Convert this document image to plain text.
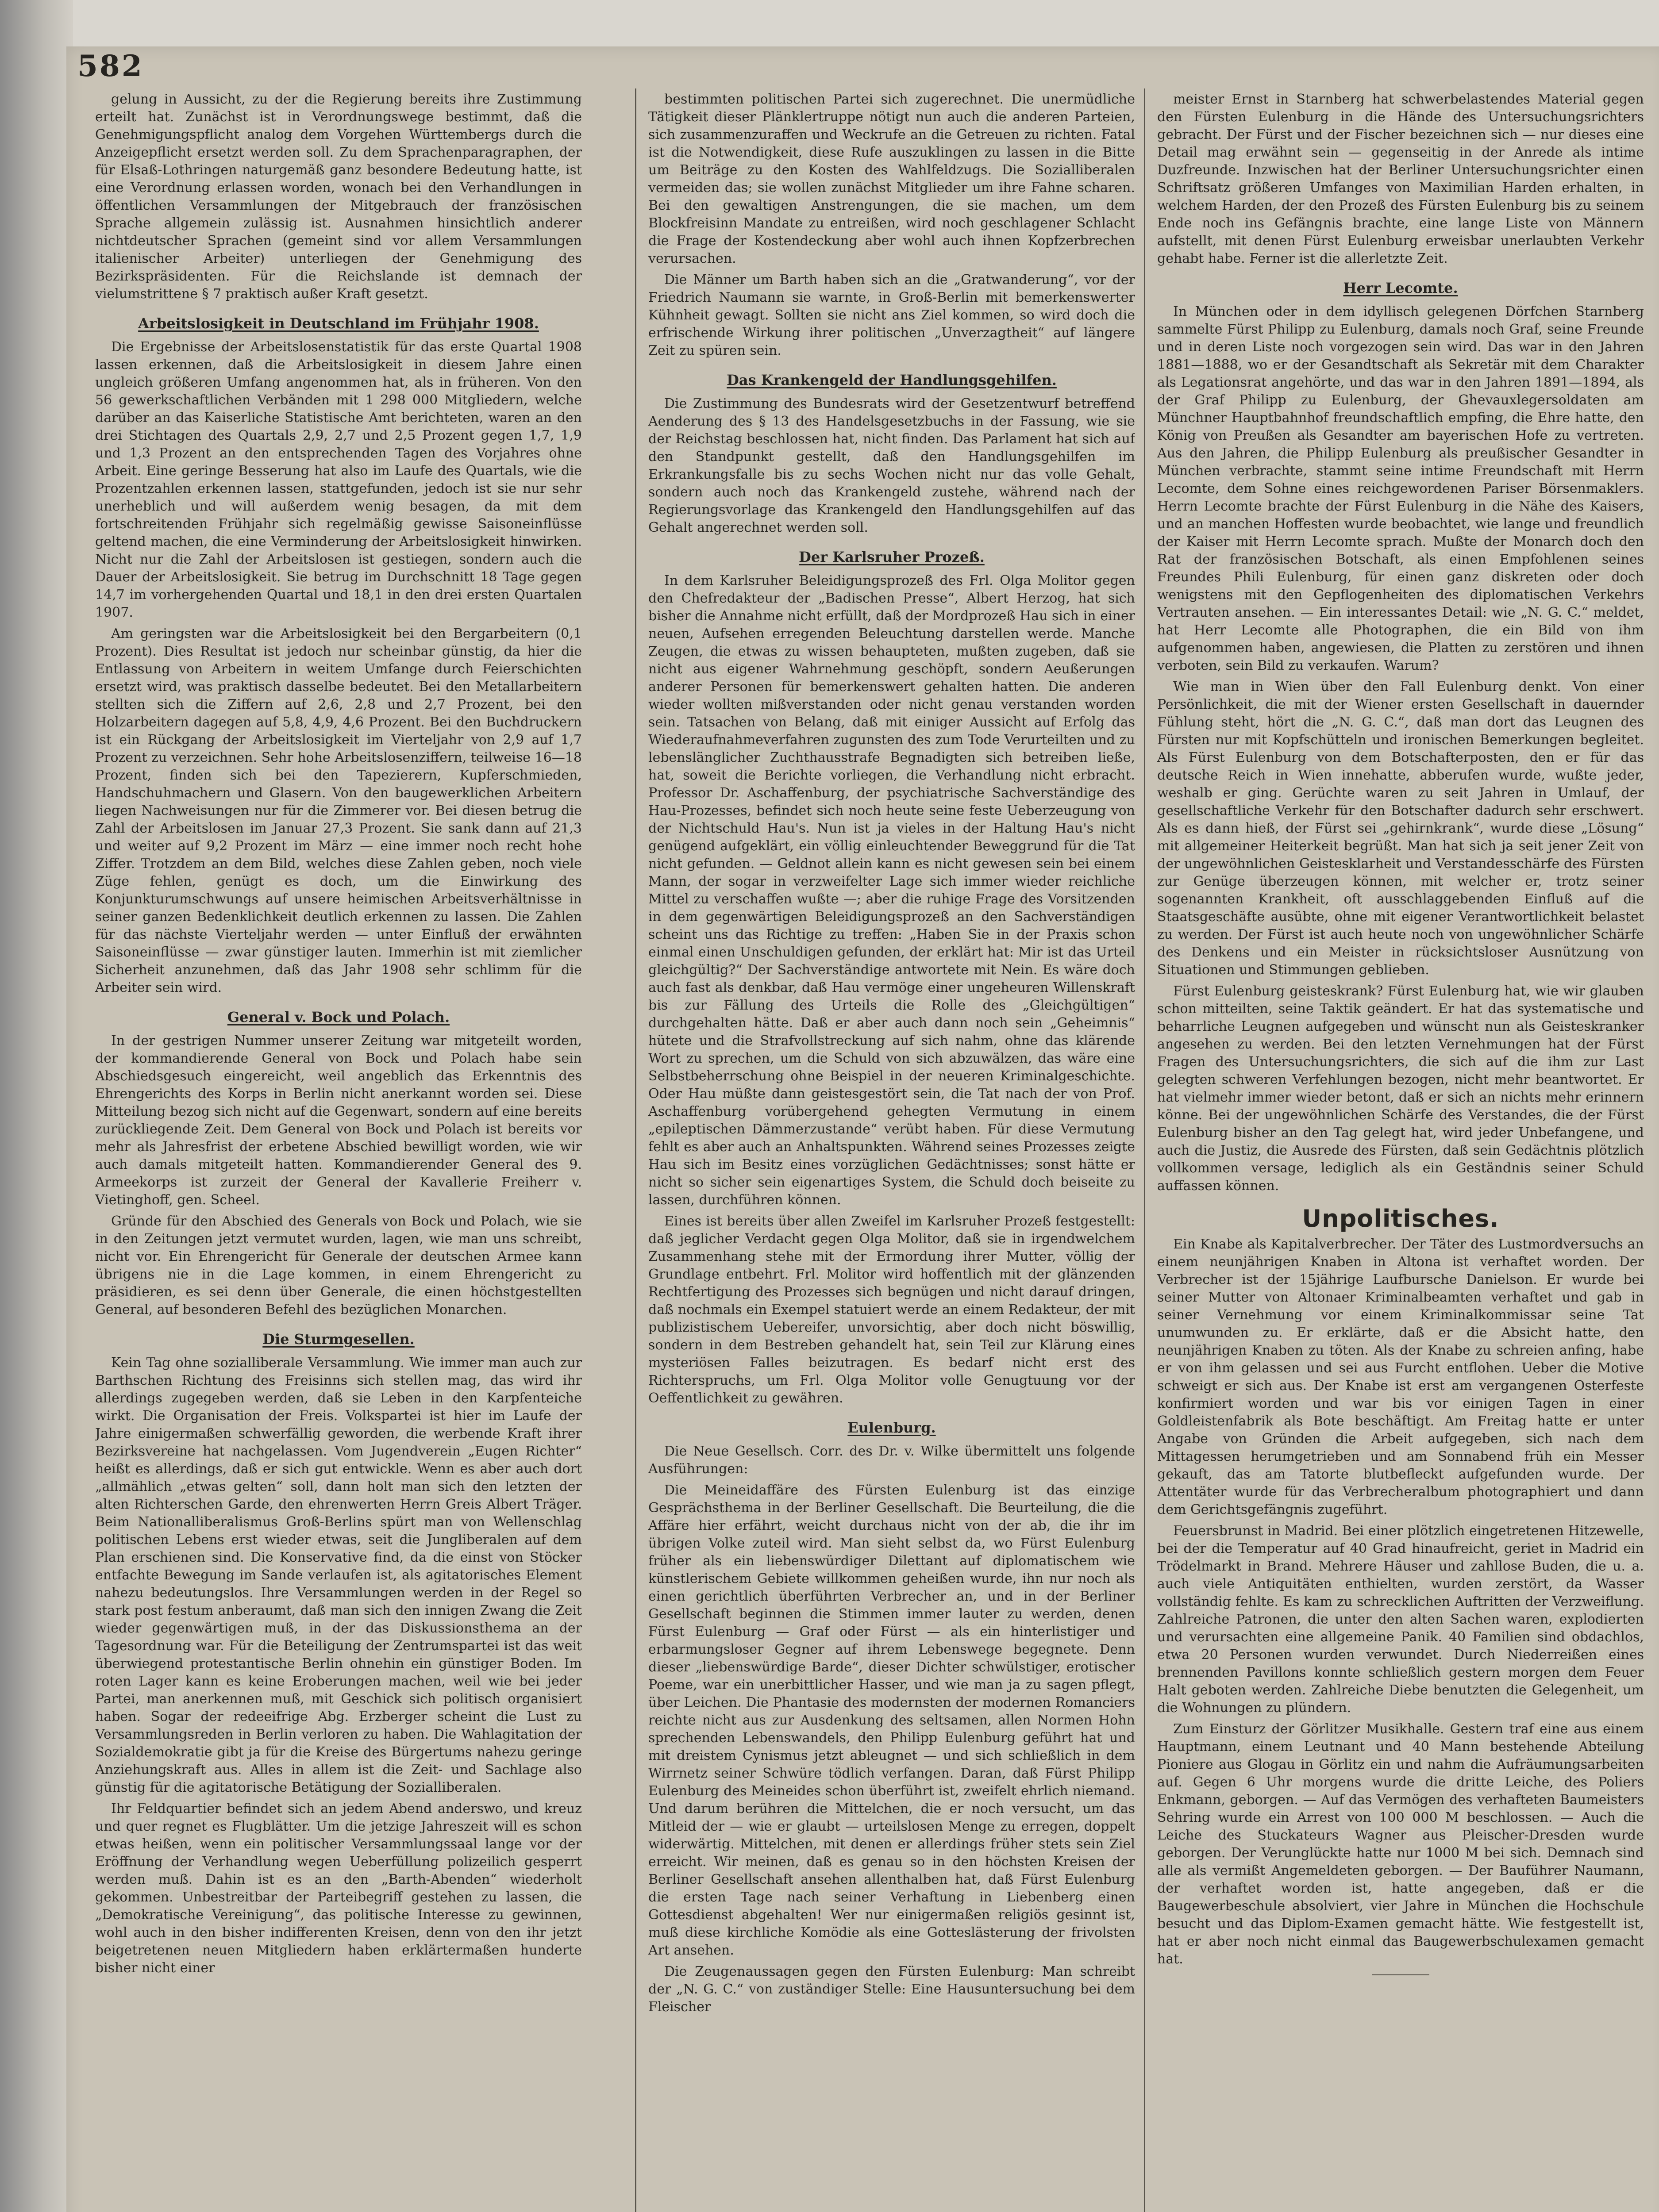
582

gelung in Aussicht, zu der die Regierung bereits ihre Zustimmung erteilt hat. Zunächst ist in Verordnungswege bestimmt, daß die Genehmigungspflicht analog dem Vorgehen Württembergs durch die Anzeigepflicht ersetzt werden soll. Zu dem Sprachenparagraphen, der für Elsaß-Lothringen naturgemäß ganz besondere Bedeutung hatte, ist eine Verordnung erlassen worden, wonach bei den Verhandlungen in öffentlichen Versammlungen der Mitgebrauch der französischen Sprache allgemein zulässig ist. Ausnahmen hinsichtlich anderer nichtdeutscher Sprachen (gemeint sind vor allem Versammlungen italienischer Arbeiter) unterliegen der Genehmigung des Bezirkspräsidenten. Für die Reichslande ist demnach der vielumstrittene § 7 praktisch außer Kraft gesetzt.

Arbeitslosigkeit in Deutschland im Frühjahr 1908.

Die Ergebnisse der Arbeitslosenstatistik für das erste Quartal 1908 lassen erkennen, daß die Arbeitslosigkeit in diesem Jahre einen ungleich größeren Umfang angenommen hat, als in früheren. Von den 56 gewerkschaftlichen Verbänden mit 1 298 000 Mitgliedern, welche darüber an das Kaiserliche Statistische Amt berichteten, waren an den drei Stichtagen des Quartals 2,9, 2,7 und 2,5 Prozent gegen 1,7, 1,9 und 1,3 Prozent an den entsprechenden Tagen des Vorjahres ohne Arbeit. Eine geringe Besserung hat also im Laufe des Quartals, wie die Prozentzahlen erkennen lassen, stattgefunden, jedoch ist sie nur sehr unerheblich und will außerdem wenig besagen, da mit dem fortschreitenden Frühjahr sich regelmäßig gewisse Saisoneinflüsse geltend machen, die eine Verminderung der Arbeitslosigkeit hinwirken. Nicht nur die Zahl der Arbeitslosen ist gestiegen, sondern auch die Dauer der Arbeitslosigkeit. Sie betrug im Durchschnitt 18 Tage gegen 14,7 im vorhergehenden Quartal und 18,1 in den drei ersten Quartalen 1907.

Am geringsten war die Arbeitslosigkeit bei den Bergarbeitern (0,1 Prozent). Dies Resultat ist jedoch nur scheinbar günstig, da hier die Entlassung von Arbeitern in weitem Umfange durch Feierschichten ersetzt wird, was praktisch dasselbe bedeutet. Bei den Metallarbeitern stellten sich die Ziffern auf 2,6, 2,8 und 2,7 Prozent, bei den Holzarbeitern dagegen auf 5,8, 4,9, 4,6 Prozent. Bei den Buchdruckern ist ein Rückgang der Arbeitslosigkeit im Vierteljahr von 2,9 auf 1,7 Prozent zu verzeichnen. Sehr hohe Arbeitslosenziffern, teilweise 16—18 Prozent, finden sich bei den Tapezierern, Kupferschmieden, Handschuhmachern und Glasern. Von den baugewerklichen Arbeitern liegen Nachweisungen nur für die Zimmerer vor. Bei diesen betrug die Zahl der Arbeitslosen im Januar 27,3 Prozent. Sie sank dann auf 21,3 und weiter auf 9,2 Prozent im März — eine immer noch recht hohe Ziffer. Trotzdem an dem Bild, welches diese Zahlen geben, noch viele Züge fehlen, genügt es doch, um die Einwirkung des Konjunkturumschwungs auf unsere heimischen Arbeitsverhältnisse in seiner ganzen Bedenklichkeit deutlich erkennen zu lassen. Die Zahlen für das nächste Vierteljahr werden — unter Einfluß der erwähnten Saisoneinflüsse — zwar günstiger lauten. Immerhin ist mit ziemlicher Sicherheit anzunehmen, daß das Jahr 1908 sehr schlimm für die Arbeiter sein wird.

General v. Bock und Polach.

In der gestrigen Nummer unserer Zeitung war mitgeteilt worden, der kommandierende General von Bock und Polach habe sein Abschiedsgesuch eingereicht, weil angeblich das Erkenntnis des Ehrengerichts des Korps in Berlin nicht anerkannt worden sei. Diese Mitteilung bezog sich nicht auf die Gegenwart, sondern auf eine bereits zurückliegende Zeit. Dem General von Bock und Polach ist bereits vor mehr als Jahresfrist der erbetene Abschied bewilligt worden, wie wir auch damals mitgeteilt hatten. Kommandierender General des 9. Armeekorps ist zurzeit der General der Kavallerie Freiherr v. Vietinghoff, gen. Scheel.

Gründe für den Abschied des Generals von Bock und Polach, wie sie in den Zeitungen jetzt vermutet wurden, lagen, wie man uns schreibt, nicht vor. Ein Ehrengericht für Generale der deutschen Armee kann übrigens nie in die Lage kommen, in einem Ehrengericht zu präsidieren, es sei denn über Generale, die einen höchstgestellten General, auf besonderen Befehl des bezüglichen Monarchen.

Die Sturmgesellen.

Kein Tag ohne sozialliberale Versammlung. Wie immer man auch zur Barthschen Richtung des Freisinns sich stellen mag, das wird ihr allerdings zugegeben werden, daß sie Leben in den Karpfenteiche wirkt. Die Organisation der Freis. Volkspartei ist hier im Laufe der Jahre einigermaßen schwerfällig geworden, die werbende Kraft ihrer Bezirksvereine hat nachgelassen. Vom Jugendverein „Eugen Richter“ heißt es allerdings, daß er sich gut entwickle. Wenn es aber auch dort „allmählich „etwas gelten“ soll, dann holt man sich den letzten der alten Richterschen Garde, den ehrenwerten Herrn Greis Albert Träger. Beim Nationalliberalismus Groß-Berlins spürt man von Wellenschlag politischen Lebens erst wieder etwas, seit die Jungliberalen auf dem Plan erschienen sind. Die Konservative find, da die einst von Stöcker entfachte Bewegung im Sande verlaufen ist, als agitatorisches Element nahezu bedeutungslos. Ihre Versammlungen werden in der Regel so stark post festum anberaumt, daß man sich den innigen Zwang die Zeit wieder gegenwärtigen muß, in der das Diskussionsthema an der Tagesordnung war. Für die Beteiligung der Zentrumspartei ist das weit überwiegend protestantische Berlin ohnehin ein günstiger Boden. Im roten Lager kann es keine Eroberungen machen, weil wie bei jeder Partei, man anerkennen muß, mit Geschick sich politisch organisiert haben. Sogar der redeeifrige Abg. Erzberger scheint die Lust zu Versammlungsreden in Berlin verloren zu haben. Die Wahlagitation der Sozialdemokratie gibt ja für die Kreise des Bürgertums nahezu geringe Anziehungskraft aus. Alles in allem ist die Zeit- und Sachlage also günstig für die agitatorische Betätigung der Sozialliberalen.

Ihr Feldquartier befindet sich an jedem Abend anderswo, und kreuz und quer regnet es Flugblätter. Um die jetzige Jahreszeit will es schon etwas heißen, wenn ein politischer Versammlungssaal lange vor der Eröffnung der Verhandlung wegen Ueberfüllung polizeilich gesperrt werden muß. Dahin ist es an den „Barth-Abenden“ wiederholt gekommen. Unbestreitbar der Parteibegriff gestehen zu lassen, die „Demokratische Vereinigung“, das politische Interesse zu gewinnen, wohl auch in den bisher indifferenten Kreisen, denn von den ihr jetzt beigetretenen neuen Mitgliedern haben erklärtermaßen hunderte bisher nicht einer

bestimmten politischen Partei sich zugerechnet. Die unermüdliche Tätigkeit dieser Plänklertruppe nötigt nun auch die anderen Parteien, sich zusammenzuraffen und Weckrufe an die Getreuen zu richten. Fatal ist die Notwendigkeit, diese Rufe auszuklingen zu lassen in die Bitte um Beiträge zu den Kosten des Wahlfeldzugs. Die Sozialliberalen vermeiden das; sie wollen zunächst Mitglieder um ihre Fahne scharen. Bei den gewaltigen Anstrengungen, die sie machen, um dem Blockfreisinn Mandate zu entreißen, wird noch geschlagener Schlacht die Frage der Kostendeckung aber wohl auch ihnen Kopfzerbrechen verursachen.

Die Männer um Barth haben sich an die „Gratwanderung“, vor der Friedrich Naumann sie warnte, in Groß-Berlin mit bemerkenswerter Kühnheit gewagt. Sollten sie nicht ans Ziel kommen, so wird doch die erfrischende Wirkung ihrer politischen „Unverzagtheit“ auf längere Zeit zu spüren sein.

Das Krankengeld der Handlungsgehilfen.

Die Zustimmung des Bundesrats wird der Gesetzentwurf betreffend Aenderung des § 13 des Handelsgesetzbuchs in der Fassung, wie sie der Reichstag beschlossen hat, nicht finden. Das Parlament hat sich auf den Standpunkt gestellt, daß den Handlungsgehilfen im Erkrankungsfalle bis zu sechs Wochen nicht nur das volle Gehalt, sondern auch noch das Krankengeld zustehe, während nach der Regierungsvorlage das Krankengeld den Handlungsgehilfen auf das Gehalt angerechnet werden soll.

Der Karlsruher Prozeß.

In dem Karlsruher Beleidigungsprozeß des Frl. Olga Molitor gegen den Chefredakteur der „Badischen Presse“, Albert Herzog, hat sich bisher die Annahme nicht erfüllt, daß der Mordprozeß Hau sich in einer neuen, Aufsehen erregenden Beleuchtung darstellen werde. Manche Zeugen, die etwas zu wissen behaupteten, mußten zugeben, daß sie nicht aus eigener Wahrnehmung geschöpft, sondern Aeußerungen anderer Personen für bemerkenswert gehalten hatten. Die anderen wieder wollten mißverstanden oder nicht genau verstanden worden sein. Tatsachen von Belang, daß mit einiger Aussicht auf Erfolg das Wiederaufnahmeverfahren zugunsten des zum Tode Verurteilten und zu lebenslänglicher Zuchthausstrafe Begnadigten sich betreiben ließe, hat, soweit die Berichte vorliegen, die Verhandlung nicht erbracht. Professor Dr. Aschaffenburg, der psychiatrische Sachverständige des Hau-Prozesses, befindet sich noch heute seine feste Ueberzeugung von der Nichtschuld Hau's. Nun ist ja vieles in der Haltung Hau's nicht genügend aufgeklärt, ein völlig einleuchtender Beweggrund für die Tat nicht gefunden. — Geldnot allein kann es nicht gewesen sein bei einem Mann, der sogar in verzweifelter Lage sich immer wieder reichliche Mittel zu verschaffen wußte —; aber die ruhige Frage des Vorsitzenden in dem gegenwärtigen Beleidigungsprozeß an den Sachverständigen scheint uns das Richtige zu treffen: „Haben Sie in der Praxis schon einmal einen Unschuldigen gefunden, der erklärt hat: Mir ist das Urteil gleichgültig?“ Der Sachverständige antwortete mit Nein. Es wäre doch auch fast als denkbar, daß Hau vermöge einer ungeheuren Willenskraft bis zur Fällung des Urteils die Rolle des „Gleichgültigen“ durchgehalten hätte. Daß er aber auch dann noch sein „Geheimnis“ hütete und die Strafvollstreckung auf sich nahm, ohne das klärende Wort zu sprechen, um die Schuld von sich abzuwälzen, das wäre eine Selbstbeherrschung ohne Beispiel in der neueren Kriminalgeschichte. Oder Hau müßte dann geistesgestört sein, die Tat nach der von Prof. Aschaffenburg vorübergehend gehegten Vermutung in einem „epileptischen Dämmerzustande“ verübt haben. Für diese Vermutung fehlt es aber auch an Anhaltspunkten. Während seines Prozesses zeigte Hau sich im Besitz eines vorzüglichen Gedächtnisses; sonst hätte er nicht so sicher sein eigenartiges System, die Schuld doch beiseite zu lassen, durchführen können.

Eines ist bereits über allen Zweifel im Karlsruher Prozeß festgestellt: daß jeglicher Verdacht gegen Olga Molitor, daß sie in irgendwelchem Zusammenhang stehe mit der Ermordung ihrer Mutter, völlig der Grundlage entbehrt. Frl. Molitor wird hoffentlich mit der glänzenden Rechtfertigung des Prozesses sich begnügen und nicht darauf dringen, daß nochmals ein Exempel statuiert werde an einem Redakteur, der mit publizistischem Uebereifer, unvorsichtig, aber doch nicht böswillig, sondern in dem Bestreben gehandelt hat, sein Teil zur Klärung eines mysteriösen Falles beizutragen. Es bedarf nicht erst des Richterspruchs, um Frl. Olga Molitor volle Genugtuung vor der Oeffentlichkeit zu gewähren.

Eulenburg.

Die Neue Gesellsch. Corr. des Dr. v. Wilke übermittelt uns folgende Ausführungen:

Die Meineidaffäre des Fürsten Eulenburg ist das einzige Gesprächsthema in der Berliner Gesellschaft. Die Beurteilung, die die Affäre hier erfährt, weicht durchaus nicht von der ab, die ihr im übrigen Volke zuteil wird. Man sieht selbst da, wo Fürst Eulenburg früher als ein liebenswürdiger Dilettant auf diplomatischem wie künstlerischem Gebiete willkommen geheißen wurde, ihn nur noch als einen gerichtlich überführten Verbrecher an, und in der Berliner Gesellschaft beginnen die Stimmen immer lauter zu werden, denen Fürst Eulenburg — Graf oder Fürst — als ein hinterlistiger und erbarmungsloser Gegner auf ihrem Lebenswege begegnete. Denn dieser „liebenswürdige Barde“, dieser Dichter schwülstiger, erotischer Poeme, war ein unerbittlicher Hasser, und wie man ja zu sagen pflegt, über Leichen. Die Phantasie des modernsten der modernen Romanciers reichte nicht aus zur Ausdenkung des seltsamen, allen Normen Hohn sprechenden Lebenswandels, den Philipp Eulenburg geführt hat und mit dreistem Cynismus jetzt ableugnet — und sich schließlich in dem Wirrnetz seiner Schwüre tödlich verfangen. Daran, daß Fürst Philipp Eulenburg des Meineides schon überführt ist, zweifelt ehrlich niemand. Und darum berühren die Mittelchen, die er noch versucht, um das Mitleid der — wie er glaubt — urteilslosen Menge zu erregen, doppelt widerwärtig. Mittelchen, mit denen er allerdings früher stets sein Ziel erreicht. Wir meinen, daß es genau so in den höchsten Kreisen der Berliner Gesellschaft ansehen allenthalben hat, daß Fürst Eulenburg die ersten Tage nach seiner Verhaftung in Liebenberg einen Gottesdienst abgehalten! Wer nur einigermaßen religiös gesinnt ist, muß diese kirchliche Komödie als eine Gotteslästerung der frivolsten Art ansehen.

Die Zeugenaussagen gegen den Fürsten Eulenburg: Man schreibt der „N. G. C.“ von zuständiger Stelle: Eine Hausuntersuchung bei dem Fleischer

meister Ernst in Starnberg hat schwerbelastendes Material gegen den Fürsten Eulenburg in die Hände des Untersuchungsrichters gebracht. Der Fürst und der Fischer bezeichnen sich — nur dieses eine Detail mag erwähnt sein — gegenseitig in der Anrede als intime Duzfreunde. Inzwischen hat der Berliner Untersuchungsrichter einen Schriftsatz größeren Umfanges von Maximilian Harden erhalten, in welchem Harden, der den Prozeß des Fürsten Eulenburg bis zu seinem Ende noch ins Gefängnis brachte, eine lange Liste von Männern aufstellt, mit denen Fürst Eulenburg erweisbar unerlaubten Verkehr gehabt habe. Ferner ist die allerletzte Zeit.

Herr Lecomte.

In München oder in dem idyllisch gelegenen Dörfchen Starnberg sammelte Fürst Philipp zu Eulenburg, damals noch Graf, seine Freunde und in deren Liste noch vorgezogen sein wird. Das war in den Jahren 1881—1888, wo er der Gesandtschaft als Sekretär mit dem Charakter als Legationsrat angehörte, und das war in den Jahren 1891—1894, als der Graf Philipp zu Eulenburg, der Ghevauxlegersoldaten am Münchner Hauptbahnhof freundschaftlich empfing, die Ehre hatte, den König von Preußen als Gesandter am bayerischen Hofe zu vertreten. Aus den Jahren, die Philipp Eulenburg als preußischer Gesandter in München verbrachte, stammt seine intime Freundschaft mit Herrn Lecomte, dem Sohne eines reichgewordenen Pariser Börsenmaklers. Herrn Lecomte brachte der Fürst Eulenburg in die Nähe des Kaisers, und an manchen Hoffesten wurde beobachtet, wie lange und freundlich der Kaiser mit Herrn Lecomte sprach. Mußte der Monarch doch den Rat der französischen Botschaft, als einen Empfohlenen seines Freundes Phili Eulenburg, für einen ganz diskreten oder doch wenigstens mit den Gepflogenheiten des diplomatischen Verkehrs Vertrauten ansehen. — Ein interessantes Detail: wie „N. G. C.“ meldet, hat Herr Lecomte alle Photographen, die ein Bild von ihm aufgenommen haben, angewiesen, die Platten zu zerstören und ihnen verboten, sein Bild zu verkaufen. Warum?

Wie man in Wien über den Fall Eulenburg denkt. Von einer Persönlichkeit, die mit der Wiener ersten Gesellschaft in dauernder Fühlung steht, hört die „N. G. C.“, daß man dort das Leugnen des Fürsten nur mit Kopfschütteln und ironischen Bemerkungen begleitet. Als Fürst Eulenburg von dem Botschafterposten, den er für das deutsche Reich in Wien innehatte, abberufen wurde, wußte jeder, weshalb er ging. Gerüchte waren zu seit Jahren in Umlauf, der gesellschaftliche Verkehr für den Botschafter dadurch sehr erschwert. Als es dann hieß, der Fürst sei „gehirnkrank“, wurde diese „Lösung“ mit allgemeiner Heiterkeit begrüßt. Man hat sich ja seit jener Zeit von der ungewöhnlichen Geistesklarheit und Verstandesschärfe des Fürsten zur Genüge überzeugen können, mit welcher er, trotz seiner sogenannten Krankheit, oft ausschlaggebenden Einfluß auf die Staatsgeschäfte ausübte, ohne mit eigener Verantwortlichkeit belastet zu werden. Der Fürst ist auch heute noch von ungewöhnlicher Schärfe des Denkens und ein Meister in rücksichtsloser Ausnützung von Situationen und Stimmungen geblieben.

Fürst Eulenburg geisteskrank? Fürst Eulenburg hat, wie wir glauben schon mitteilten, seine Taktik geändert. Er hat das systematische und beharrliche Leugnen aufgegeben und wünscht nun als Geisteskranker angesehen zu werden. Bei den letzten Vernehmungen hat der Fürst Fragen des Untersuchungsrichters, die sich auf die ihm zur Last gelegten schweren Verfehlungen bezogen, nicht mehr beantwortet. Er hat vielmehr immer wieder betont, daß er sich an nichts mehr erinnern könne. Bei der ungewöhnlichen Schärfe des Verstandes, die der Fürst Eulenburg bisher an den Tag gelegt hat, wird jeder Unbefangene, und auch die Justiz, die Ausrede des Fürsten, daß sein Gedächtnis plötzlich vollkommen versage, lediglich als ein Geständnis seiner Schuld auffassen können.

Unpolitisches.

Ein Knabe als Kapitalverbrecher. Der Täter des Lustmordversuchs an einem neunjährigen Knaben in Altona ist verhaftet worden. Der Verbrecher ist der 15jährige Laufbursche Danielson. Er wurde bei seiner Mutter von Altonaer Kriminalbeamten verhaftet und gab in seiner Vernehmung vor einem Kriminalkommissar seine Tat unumwunden zu. Er erklärte, daß er die Absicht hatte, den neunjährigen Knaben zu töten. Als der Knabe zu schreien anfing, habe er von ihm gelassen und sei aus Furcht entflohen. Ueber die Motive schweigt er sich aus. Der Knabe ist erst am vergangenen Osterfeste konfirmiert worden und war bis vor einigen Tagen in einer Goldleistenfabrik als Bote beschäftigt. Am Freitag hatte er unter Angabe von Gründen die Arbeit aufgegeben, sich nach dem Mittagessen herumgetrieben und am Sonnabend früh ein Messer gekauft, das am Tatorte blutbefleckt aufgefunden wurde. Der Attentäter wurde für das Verbrecheralbum photographiert und dann dem Gerichtsgefängnis zugeführt.

Feuersbrunst in Madrid. Bei einer plötzlich eingetretenen Hitzewelle, bei der die Temperatur auf 40 Grad hinaufreicht, geriet in Madrid ein Trödelmarkt in Brand. Mehrere Häuser und zahllose Buden, die u. a. auch viele Antiquitäten enthielten, wurden zerstört, da Wasser vollständig fehlte. Es kam zu schrecklichen Auftritten der Verzweiflung. Zahlreiche Patronen, die unter den alten Sachen waren, explodierten und verursachten eine allgemeine Panik. 40 Familien sind obdachlos, etwa 20 Personen wurden verwundet. Durch Niederreißen eines brennenden Pavillons konnte schließlich gestern morgen dem Feuer Halt geboten werden. Zahlreiche Diebe benutzten die Gelegenheit, um die Wohnungen zu plündern.

Zum Einsturz der Görlitzer Musikhalle. Gestern traf eine aus einem Hauptmann, einem Leutnant und 40 Mann bestehende Abteilung Pioniere aus Glogau in Görlitz ein und nahm die Aufräumungsarbeiten auf. Gegen 6 Uhr morgens wurde die dritte Leiche, des Poliers Enkmann, geborgen. — Auf das Vermögen des verhafteten Baumeisters Sehring wurde ein Arrest von 100 000 M beschlossen. — Auch die Leiche des Stuckateurs Wagner aus Pleischer-Dresden wurde geborgen. Der Verunglückte hatte nur 1000 M bei sich. Demnach sind alle als vermißt Angemeldeten geborgen. — Der Bauführer Naumann, der verhaftet worden ist, hatte angegeben, daß er die Baugewerbeschule absolviert, vier Jahre in München die Hochschule besucht und das Diplom-Examen gemacht hätte. Wie festgestellt ist, hat er aber noch nicht einmal das Baugewerbschulexamen gemacht hat.
